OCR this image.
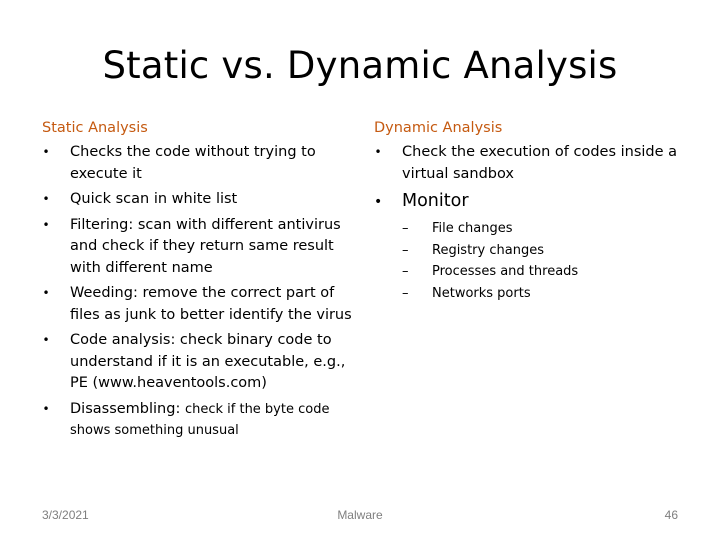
Static vs. Dynamic Analysis
Static Analysis
• Checks the code without trying to execute it
• Quick scan in white list
• Filtering: scan with different antivirus and check if they return same result with different name
• Weeding: remove the correct part of files as junk to better identify the virus
• Code analysis: check binary code to understand if it is an executable, e.g., PE (www.heaventools.com)
• Disassembling: check if the byte code shows something unusual
Dynamic Analysis
• Check the execution of codes inside a virtual sandbox
• Monitor
– File changes
– Registry changes
– Processes and threads
– Networks ports
3/3/2021	Malware	46
